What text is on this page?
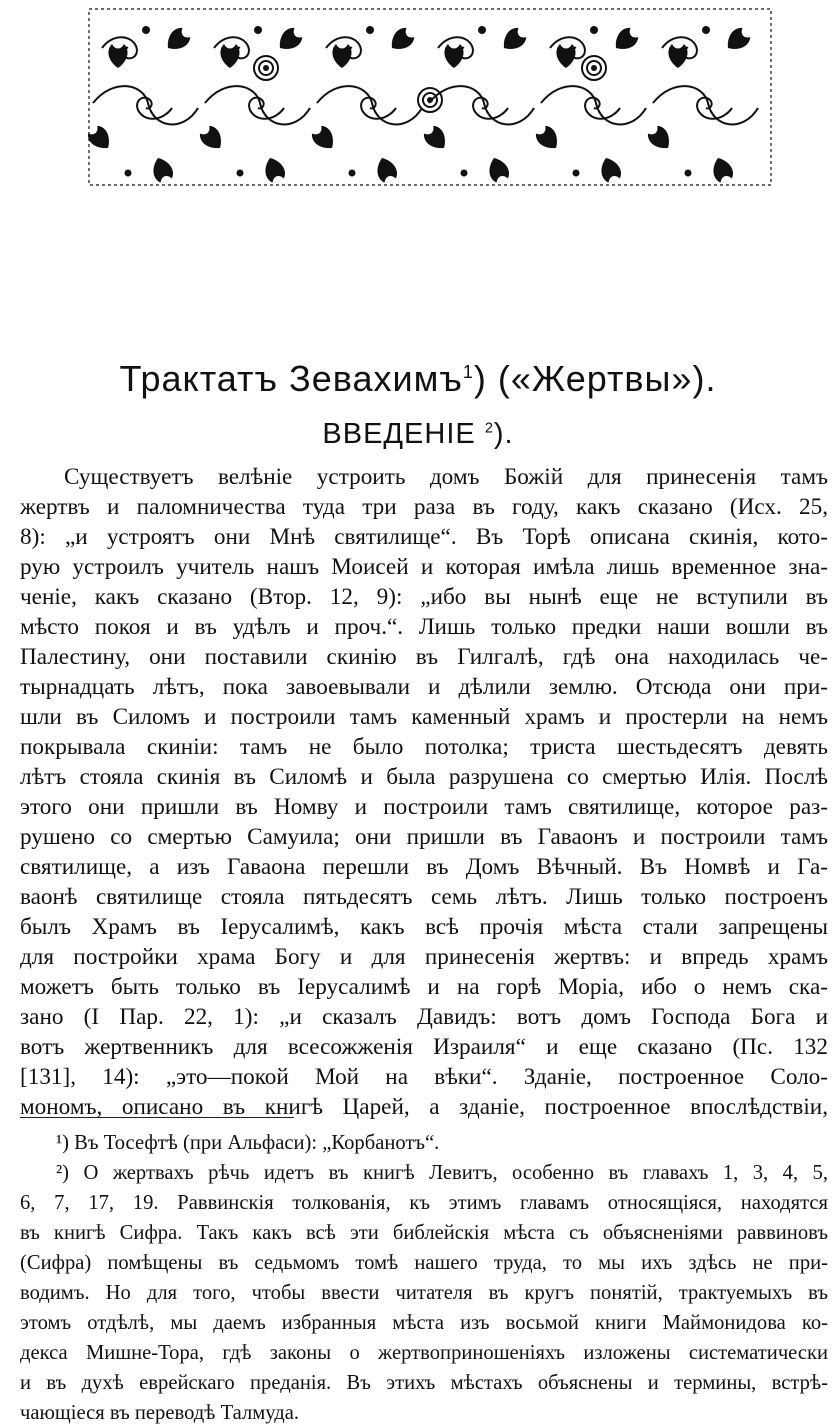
Трактатъ Зевахимъ$^1$) («Жертвы»).
ВВЕДЕНІЕ $^2$).
Существуетъ велѣніе устроить домъ Божій для принесенія тамъ
жертвъ и паломничества туда три раза въ году, какъ сказано (Исх. 25,
8): „и устроятъ они Мнѣ святилище“. Въ Торѣ описана скинія, кото-
рую устроилъ учитель нашъ Моисей и которая имѣла лишь временное зна-
ченіе, какъ сказано (Втор. 12, 9): „ибо вы нынѣ еще не вступили въ
мѣсто покоя и въ удѣлъ и проч.“. Лишь только предки наши вошли въ
Палестину, они поставили скинію въ Гилгалѣ, гдѣ она находилась че-
тырнадцать лѣтъ, пока завоевывали и дѣлили землю. Отсюда они при-
шли въ Силомъ и построили тамъ каменный храмъ и простерли на немъ
покрывала скиніи: тамъ не было потолка; триста шестьдесятъ девять
лѣтъ стояла скинія въ Силомѣ и была разрушена со смертью Илія. Послѣ
этого они пришли въ Номву и построили тамъ святилище, которое раз-
рушено со смертью Самуила; они пришли въ Гаваонъ и построили тамъ
святилище, а изъ Гаваона перешли въ Домъ Вѣчный. Въ Номвѣ и Га-
ваонѣ святилище стояла пятьдесятъ семь лѣтъ. Лишь только построенъ
былъ Храмъ въ Іерусалимѣ, какъ всѣ прочія мѣста стали запрещены
для постройки храма Богу и для принесенія жертвъ: и впредь храмъ
можетъ быть только въ Іерусалимѣ и на горѣ Моріа, ибо о немъ ска-
зано (I Пар. 22, 1): „и сказалъ Давидъ: вотъ домъ Господа Бога и
вотъ жертвенникъ для всесожженія Израиля“ и еще сказано (Пс. 132
[131], 14): „это—покой Мой на вѣки“. Зданіе, построенное Соло-
мономъ, описано въ книгѣ Царей, а зданіе, построенное впослѣдствіи,
¹) Въ Тосефтѣ (при Альфаси): „Корбанотъ“.
²) О жертвахъ рѣчь идетъ въ книгѣ Левитъ, особенно въ главахъ 1, 3, 4, 5,
6, 7, 17, 19. Раввинскія толкованія, къ этимъ главамъ относящіяся, находятся
въ книгѣ Сифра. Такъ какъ всѣ эти библейскія мѣста съ объясненіями раввиновъ
(Сифра) помѣщены въ седьмомъ томѣ нашего труда, то мы ихъ здѣсь не при-
водимъ. Но для того, чтобы ввести читателя въ кругъ понятій, трактуемыхъ въ
этомъ отдѣлѣ, мы даемъ избранныя мѣста изъ восьмой книги Маймонидова ко-
декса Мишне-Тора, гдѣ законы о жертвоприношеніяхъ изложены систематически
и въ духѣ еврейскаго преданія. Въ этихъ мѣстахъ объяснены и термины, встрѣ-
чающіеся въ переводѣ Талмуда.
